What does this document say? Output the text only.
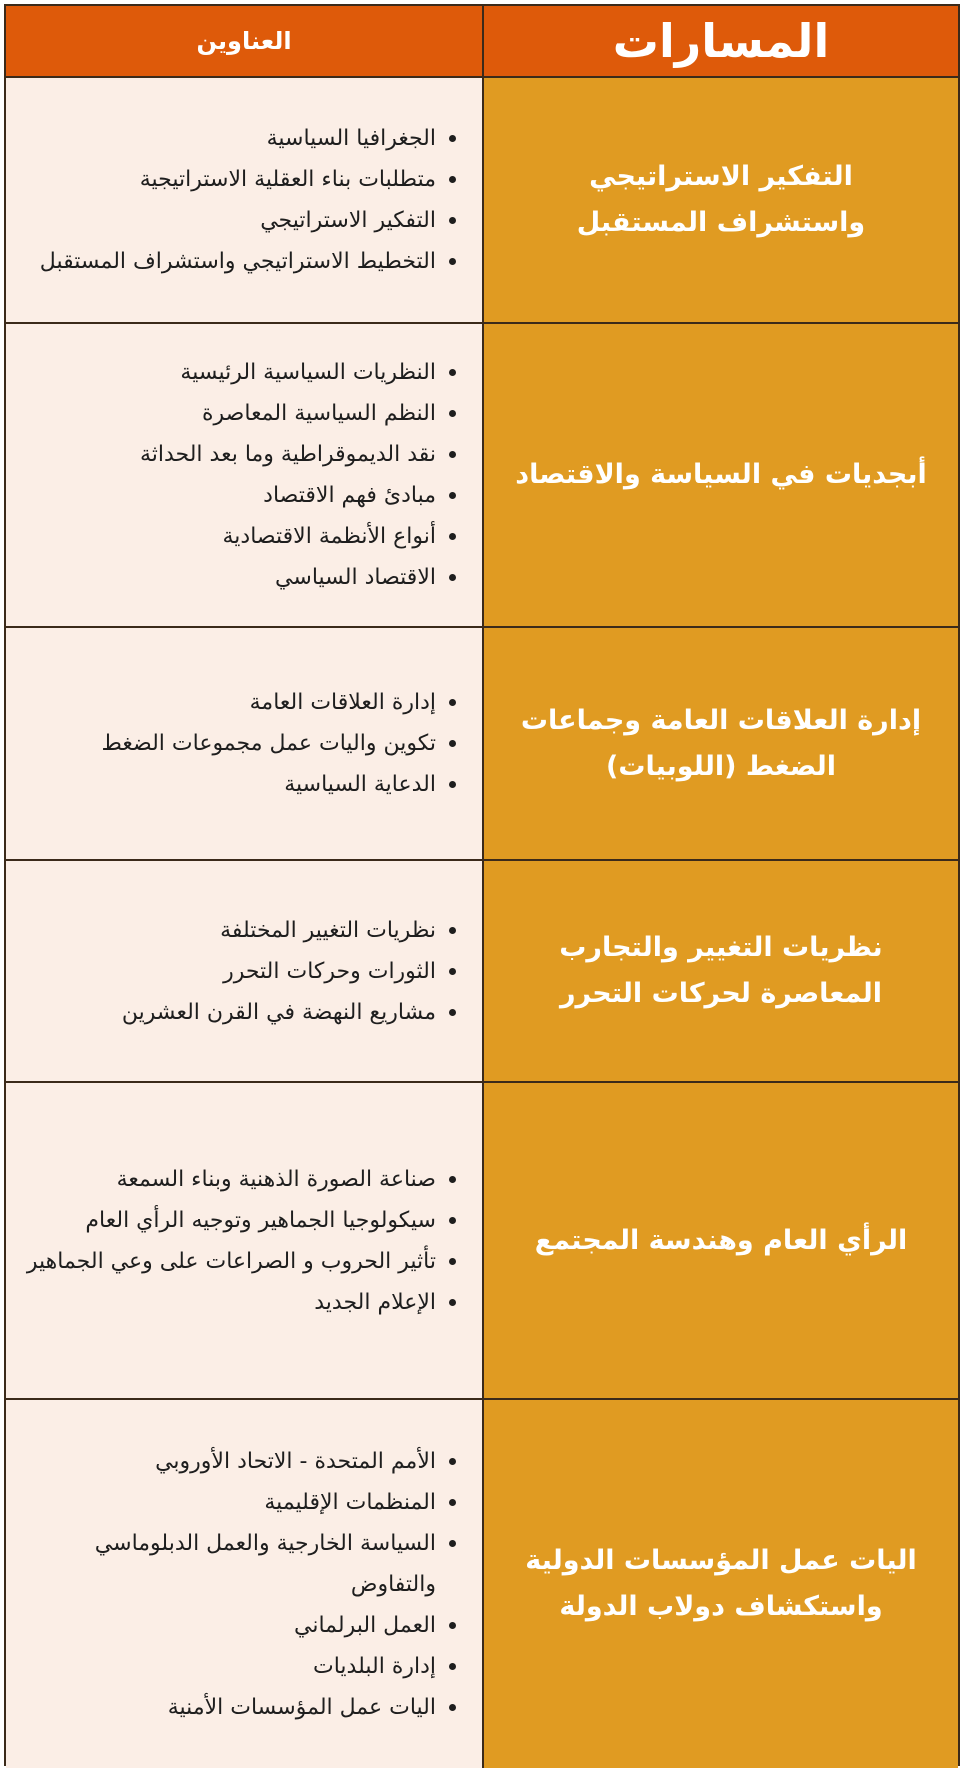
المسارات
العناوين
التفكير الاستراتيجي واستشراف المستقبل
الجغرافيا السياسية
متطلبات بناء العقلية الاستراتيجية
التفكير الاستراتيجي
التخطيط الاستراتيجي واستشراف المستقبل
أبجديات في السياسة والاقتصاد
النظريات السياسية الرئيسية
النظم السياسية المعاصرة
نقد الديموقراطية وما بعد الحداثة
مبادئ فهم الاقتصاد
أنواع الأنظمة الاقتصادية
الاقتصاد السياسي
إدارة العلاقات العامة وجماعات الضغط (اللوبيات)
إدارة العلاقات العامة
تكوين واليات عمل مجموعات الضغط
الدعاية السياسية
نظريات التغيير والتجارب المعاصرة لحركات التحرر
نظريات التغيير المختلفة
الثورات وحركات التحرر
مشاريع النهضة في القرن العشرين
الرأي العام وهندسة المجتمع
صناعة الصورة الذهنية وبناء السمعة
سيكولوجيا الجماهير وتوجيه الرأي العام
تأثير الحروب و الصراعات على وعي الجماهير
الإعلام الجديد
اليات عمل المؤسسات الدولية واستكشاف دولاب الدولة
الأمم المتحدة - الاتحاد الأوروبي
المنظمات الإقليمية
السياسة الخارجية والعمل الدبلوماسي والتفاوض
العمل البرلماني
إدارة البلديات
اليات عمل المؤسسات الأمنية
